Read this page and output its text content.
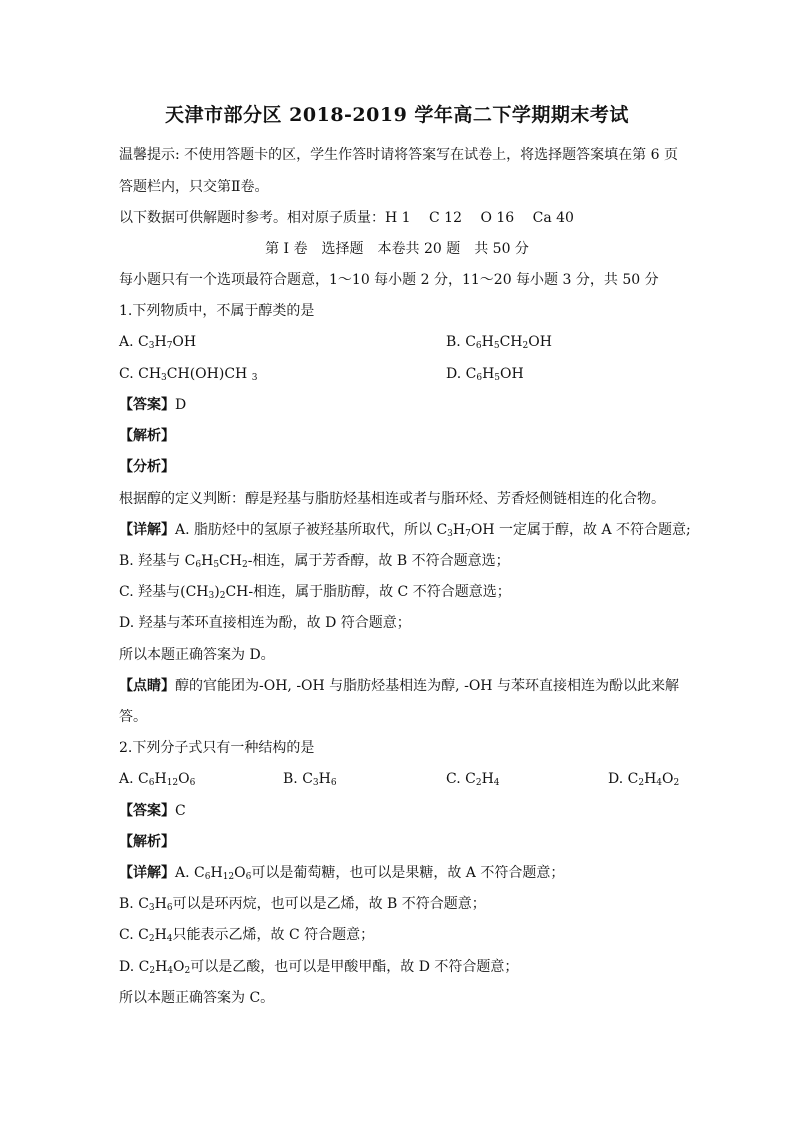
天津市部分区 2018-2019 学年高二下学期期末考试
温馨提示: 不使用答题卡的区，学生作答时请将答案写在试卷上，将选择题答案填在第 6 页
答题栏内，只交第Ⅱ卷。
以下数据可供解题时参考。相对原子质量：H 1　 C 12　 O 16　 Ca 40
第 I 卷　选择题　本卷共 20 题　共 50 分
每小题只有一个选项最符合题意，1～10 每小题 2 分，11～20 每小题 3 分，共 50 分
1.下列物质中，不属于醇类的是
A. $C_3H_7OH$	B. $C_6H_5CH_2OH$
C. $CH_3CH(OH)CH$ $_3$	D. $C_6H_5OH$
【答案】D
【解析】
【分析】
根据醇的定义判断：醇是羟基与脂肪烃基相连或者与脂环烃、芳香烃侧链相连的化合物。
【详解】A. 脂肪烃中的氢原子被羟基所取代，所以 $C_3H_7OH$ 一定属于醇，故 A 不符合题意;
B. 羟基与 $C_6H_5CH_2-$相连，属于芳香醇，故 B 不符合题意选；
C. 羟基与$(CH_3)_2CH-$相连，属于脂肪醇，故 C 不符合题意选；
D. 羟基与苯环直接相连为酚，故 D 符合题意；
所以本题正确答案为 D。
【点睛】醇的官能团为-OH, -OH 与脂肪烃基相连为醇, -OH 与苯环直接相连为酚以此来解
答。
2.下列分子式只有一种结构的是
A. $C_6H_{12}O_6$	B. $C_3H_6$	C. $C_2H_4$	D. $C_2H_4O_2$
【答案】C
【解析】
【详解】A. $C_6H_{12}O_6$可以是葡萄糖，也可以是果糖，故 A 不符合题意；
B. $C_3H_6$可以是环丙烷，也可以是乙烯，故 B 不符合题意；
C. $C_2H_4$只能表示乙烯，故 C 符合题意；
D. $C_2H_4O_2$可以是乙酸，也可以是甲酸甲酯，故 D 不符合题意；
所以本题正确答案为 C。
